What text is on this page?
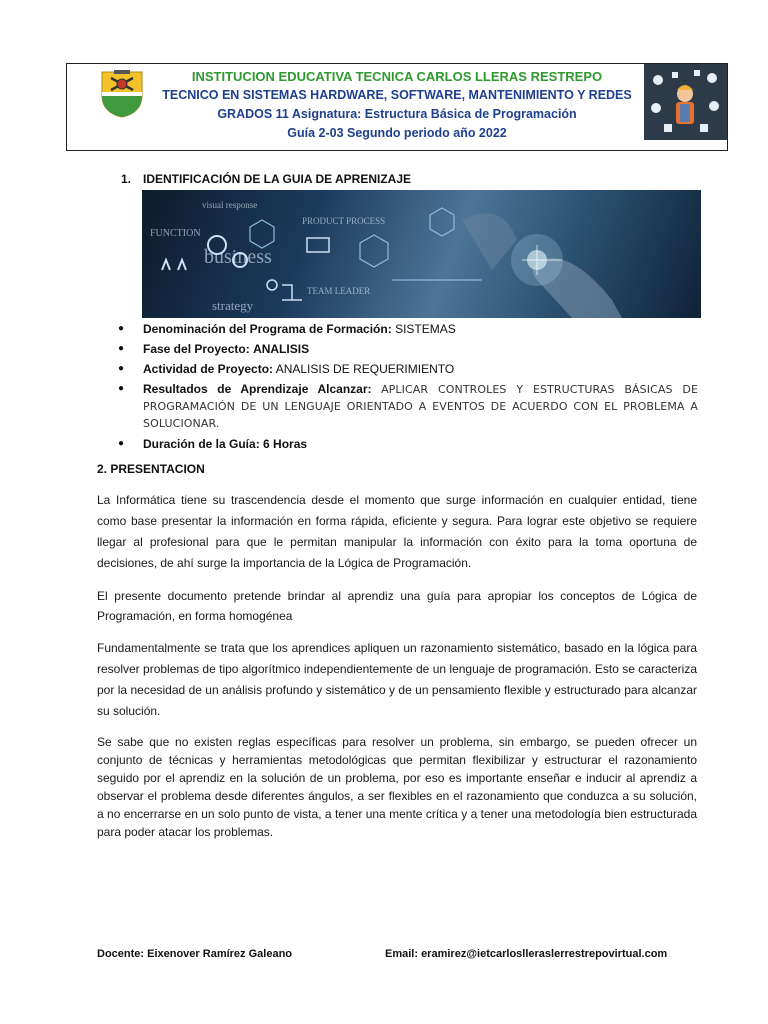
INSTITUCION EDUCATIVA TECNICA CARLOS LLERAS RESTREPO
TECNICO EN SISTEMAS HARDWARE, SOFTWARE, MANTENIMIENTO Y REDES
GRADOS 11 Asignatura: Estructura Básica de Programación
Guía 2-03 Segundo periodo año 2022
1. IDENTIFICACIÓN DE LA GUIA DE APRENIZAJE
business
strategy
FUNCTION
visual response
TEAM LEADER
PRODUCT PROCESS
● Denominación del Programa de Formación: SISTEMAS
● Fase del Proyecto: ANALISIS
● Actividad de Proyecto: ANALISIS DE REQUERIMIENTO
● Resultados de Aprendizaje Alcanzar: APLICAR CONTROLES Y ESTRUCTURAS BÁSICAS DE PROGRAMACIÓN DE UN LENGUAJE ORIENTADO A EVENTOS DE ACUERDO CON EL PROBLEMA A SOLUCIONAR.
● Duración de la Guía: 6 Horas
2. PRESENTACION
La Informática tiene su trascendencia desde el momento que surge información en cualquier entidad, tiene como base presentar la información en forma rápida, eficiente y segura. Para lograr este objetivo se requiere llegar al profesional para que le permitan manipular la información con éxito para la toma oportuna de decisiones, de ahí surge la importancia de la Lógica de Programación.
El presente documento pretende brindar al aprendiz una guía para apropiar los conceptos de Lógica de Programación, en forma homogénea
Fundamentalmente se trata que los aprendices apliquen un razonamiento sistemático, basado en la lógica para resolver problemas de tipo algorítmico independientemente de un lenguaje de programación. Esto se caracteriza por la necesidad de un análisis profundo y sistemático y de un pensamiento flexible y estructurado para alcanzar su solución.
Se sabe que no existen reglas específicas para resolver un problema, sin embargo, se pueden ofrecer un conjunto de técnicas y herramientas metodológicas que permitan flexibilizar y estructurar el razonamiento seguido por el aprendiz en la solución de un problema, por eso es importante enseñar e inducir al aprendiz a observar el problema desde diferentes ángulos, a ser flexibles en el razonamiento que conduzca a su solución, a no encerrarse en un solo punto de vista, a tener una mente crítica y a tener una metodología bien estructurada para poder atacar los problemas.
Docente: Eixenover Ramírez Galeano	Email: eramirez@ietcarloslleraslerrestrepovirtual.com
